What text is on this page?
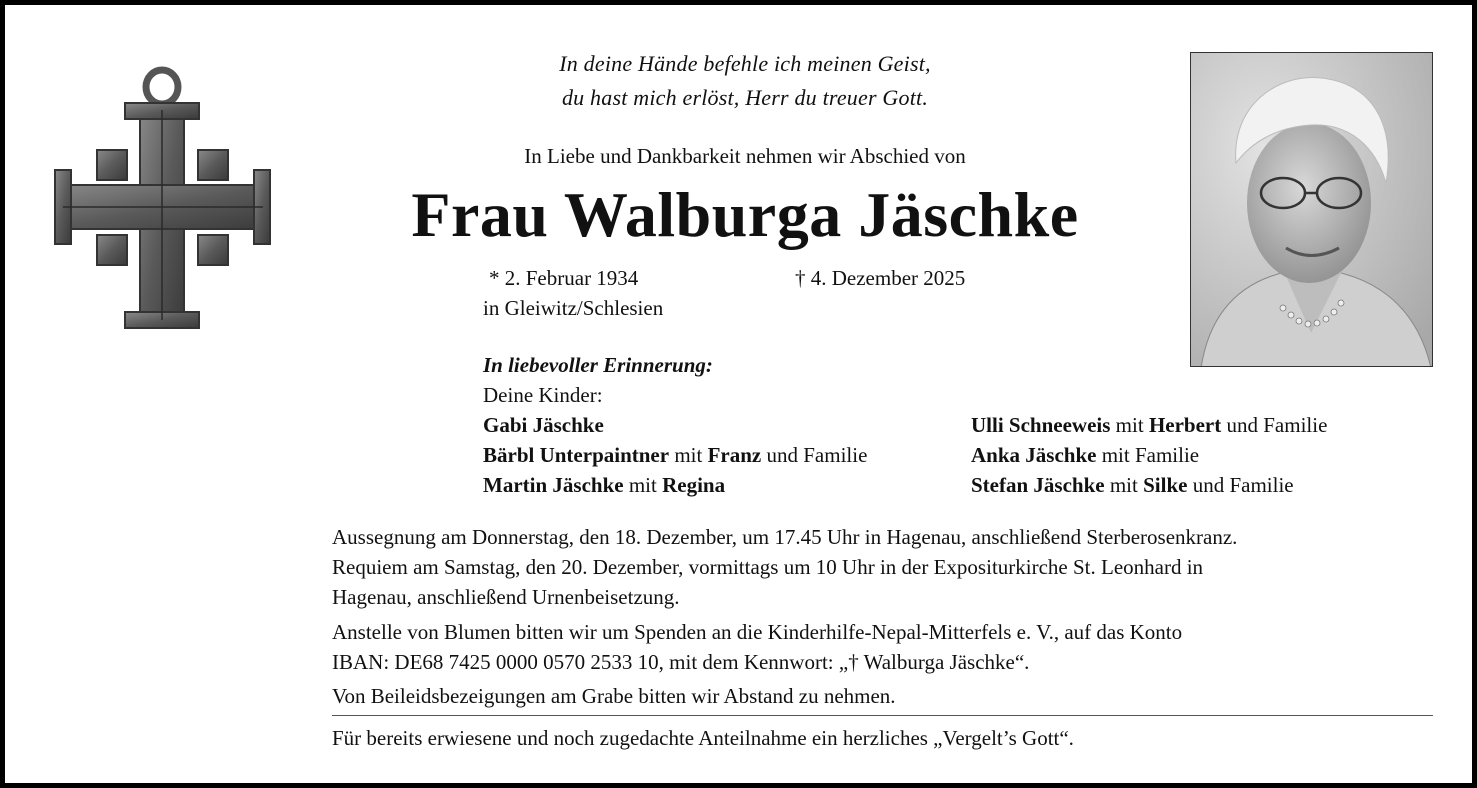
In deine Hände befehle ich meinen Geist,
du hast mich erlöst, Herr du treuer Gott.
In Liebe und Dankbarkeit nehmen wir Abschied von
Frau Walburga Jäschke
* 2. Februar 1934	† 4. Dezember 2025
in Gleiwitz/Schlesien
In liebevoller Erinnerung:
Deine Kinder:
Gabi Jäschke
Bärbl Unterpaintner mit Franz und Familie
Martin Jäschke mit Regina
Ulli Schneeweis mit Herbert und Familie
Anka Jäschke mit Familie
Stefan Jäschke mit Silke und Familie
Aussegnung am Donnerstag, den 18. Dezember, um 17.45 Uhr in Hagenau, anschließend Sterberosenkranz.
Requiem am Samstag, den 20. Dezember, vormittags um 10 Uhr in der Expositurkirche St. Leonhard in
Hagenau, anschließend Urnenbeisetzung.
Anstelle von Blumen bitten wir um Spenden an die Kinderhilfe-Nepal-Mitterfels e. V., auf das Konto
IBAN: DE68 7425 0000 0570 2533 10, mit dem Kennwort: „† Walburga Jäschke“.
Von Beileidsbezeigungen am Grabe bitten wir Abstand zu nehmen.
Für bereits erwiesene und noch zugedachte Anteilnahme ein herzliches „Vergelt’s Gott“.
